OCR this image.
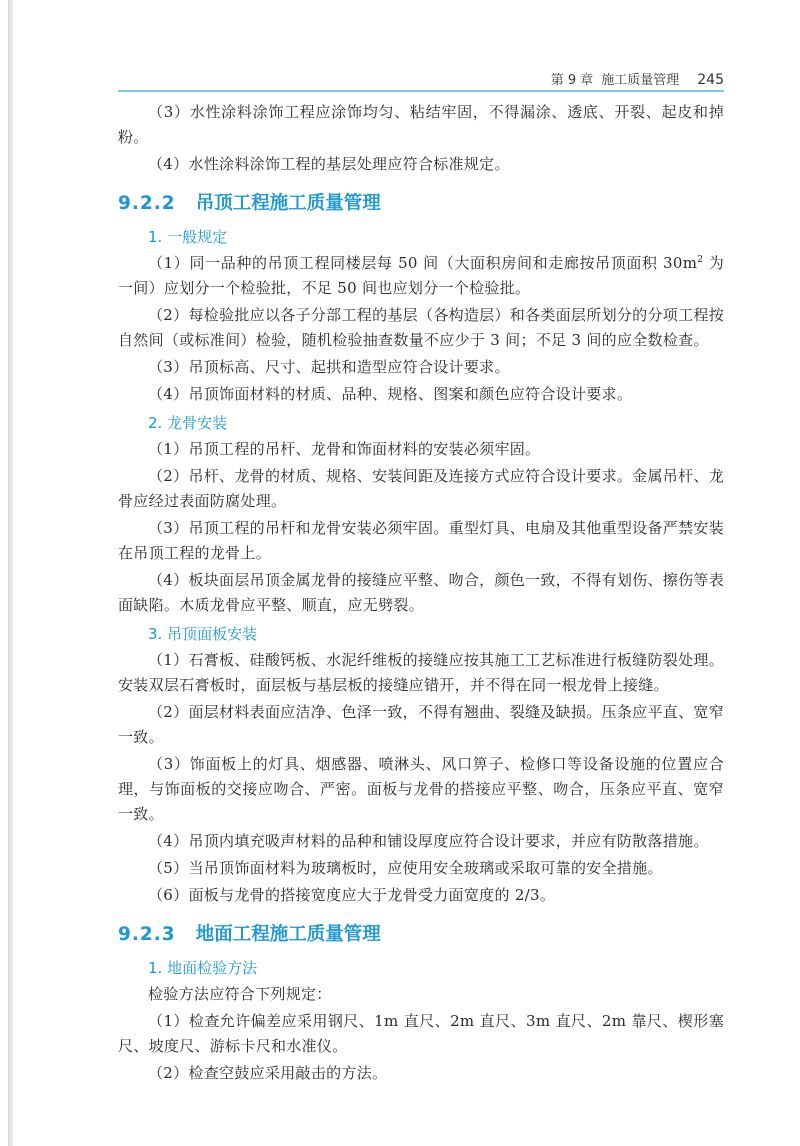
第 9 章 施工质量管理 245

（3）水性涂料涂饰工程应涂饰均匀、粘结牢固，不得漏涂、透底、开裂、起皮和掉粉。

（4）水性涂料涂饰工程的基层处理应符合标准规定。

9.2.2 吊顶工程施工质量管理
1. 一般规定

（1）同一品种的吊顶工程同楼层每 50 间（大面积房间和走廊按吊顶面积 $30m^2$ 为一间）应划分一个检验批，不足 50 间也应划分一个检验批。

（2）每检验批应以各子分部工程的基层（各构造层）和各类面层所划分的分项工程按自然间（或标准间）检验，随机检验抽查数量不应少于 3 间；不足 3 间的应全数检查。

（3）吊顶标高、尺寸、起拱和造型应符合设计要求。

（4）吊顶饰面材料的材质、品种、规格、图案和颜色应符合设计要求。

2. 龙骨安装

（1）吊顶工程的吊杆、龙骨和饰面材料的安装必须牢固。

（2）吊杆、龙骨的材质、规格、安装间距及连接方式应符合设计要求。金属吊杆、龙骨应经过表面防腐处理。

（3）吊顶工程的吊杆和龙骨安装必须牢固。重型灯具、电扇及其他重型设备严禁安装在吊顶工程的龙骨上。

（4）板块面层吊顶金属龙骨的接缝应平整、吻合，颜色一致，不得有划伤、擦伤等表面缺陷。木质龙骨应平整、顺直，应无劈裂。

3. 吊顶面板安装

（1）石膏板、硅酸钙板、水泥纤维板的接缝应按其施工工艺标准进行板缝防裂处理。安装双层石膏板时，面层板与基层板的接缝应错开，并不得在同一根龙骨上接缝。

（2）面层材料表面应洁净、色泽一致，不得有翘曲、裂缝及缺损。压条应平直、宽窄一致。

（3）饰面板上的灯具、烟感器、喷淋头、风口箅子、检修口等设备设施的位置应合理，与饰面板的交接应吻合、严密。面板与龙骨的搭接应平整、吻合，压条应平直、宽窄一致。

（4）吊顶内填充吸声材料的品种和铺设厚度应符合设计要求，并应有防散落措施。

（5）当吊顶饰面材料为玻璃板时，应使用安全玻璃或采取可靠的安全措施。

（6）面板与龙骨的搭接宽度应大于龙骨受力面宽度的 2/3。

9.2.3 地面工程施工质量管理
1. 地面检验方法

检验方法应符合下列规定：

（1）检查允许偏差应采用钢尺、1m 直尺、2m 直尺、3m 直尺、2m 靠尺、楔形塞尺、坡度尺、游标卡尺和水准仪。

（2）检查空鼓应采用敲击的方法。
